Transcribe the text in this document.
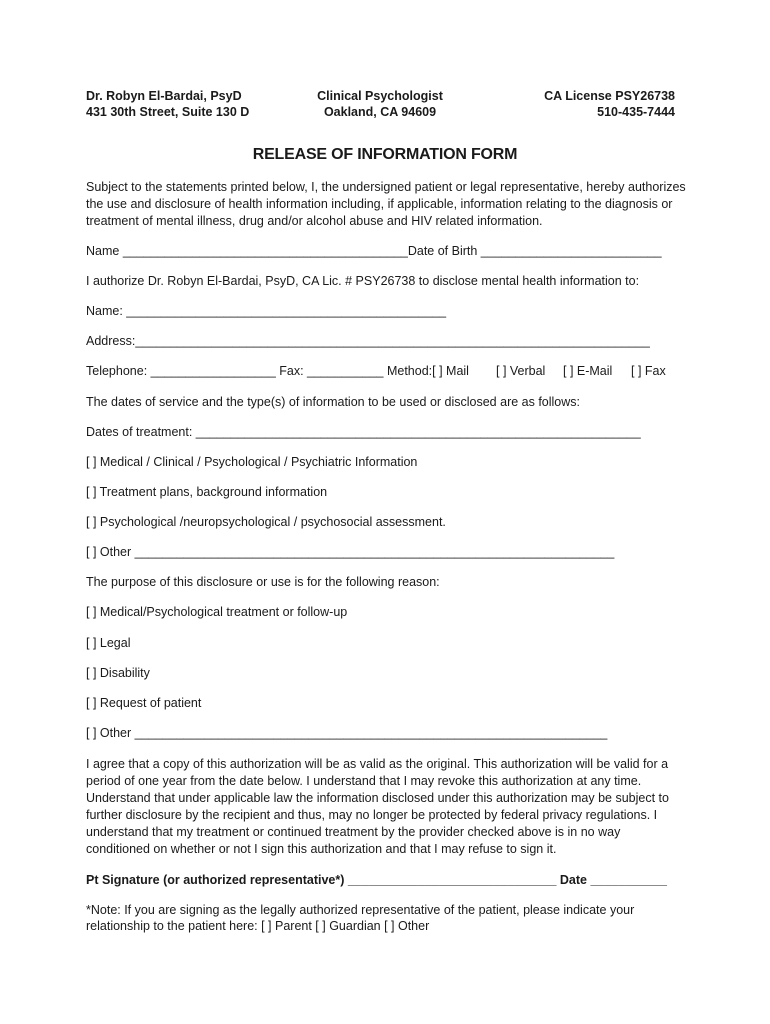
Dr. Robyn El-Bardai, PsyD
431 30th Street, Suite 130 D
Clinical Psychologist
Oakland, CA 94609
CA License PSY26738
510-435-7444
RELEASE OF INFORMATION FORM
Subject to the statements printed below, I, the undersigned patient or legal representative, hereby authorizes the use and disclosure of health information including, if applicable, information relating to the diagnosis or treatment of mental illness, drug and/or alcohol abuse and HIV related information.
Name _________________________________________Date of Birth __________________________
I authorize Dr. Robyn El-Bardai, PsyD, CA Lic. # PSY26738 to disclose mental health information to:
Name: ______________________________________________
Address:__________________________________________________________________________
Telephone: __________________ Fax: ___________ Method:[ ] Mail [ ] Verbal [ ] E-Mail [ ] Fax
The dates of service and the type(s) of information to be used or disclosed are as follows:
Dates of treatment: ________________________________________________________________
[ ] Medical / Clinical / Psychological / Psychiatric Information
[ ] Treatment plans, background information
[ ] Psychological /neuropsychological / psychosocial assessment.
[ ] Other _____________________________________________________________________
The purpose of this disclosure or use is for the following reason:
[ ] Medical/Psychological treatment or follow-up
[ ] Legal
[ ] Disability
[ ] Request of patient
[ ] Other ____________________________________________________________________
I agree that a copy of this authorization will be as valid as the original. This authorization will be valid for a
period of one year from the date below. I understand that I may revoke this authorization at any time.
Understand that under applicable law the information disclosed under this authorization may be subject to
further disclosure by the recipient and thus, may no longer be protected by federal privacy regulations. I
understand that my treatment or continued treatment by the provider checked above is in no way
conditioned on whether or not I sign this authorization and that I may refuse to sign it.
Pt Signature (or authorized representative*) ______________________________ Date ___________
*Note: If you are signing as the legally authorized representative of the patient, please indicate your
relationship to the patient here: [ ] Parent [ ] Guardian [ ] Other
